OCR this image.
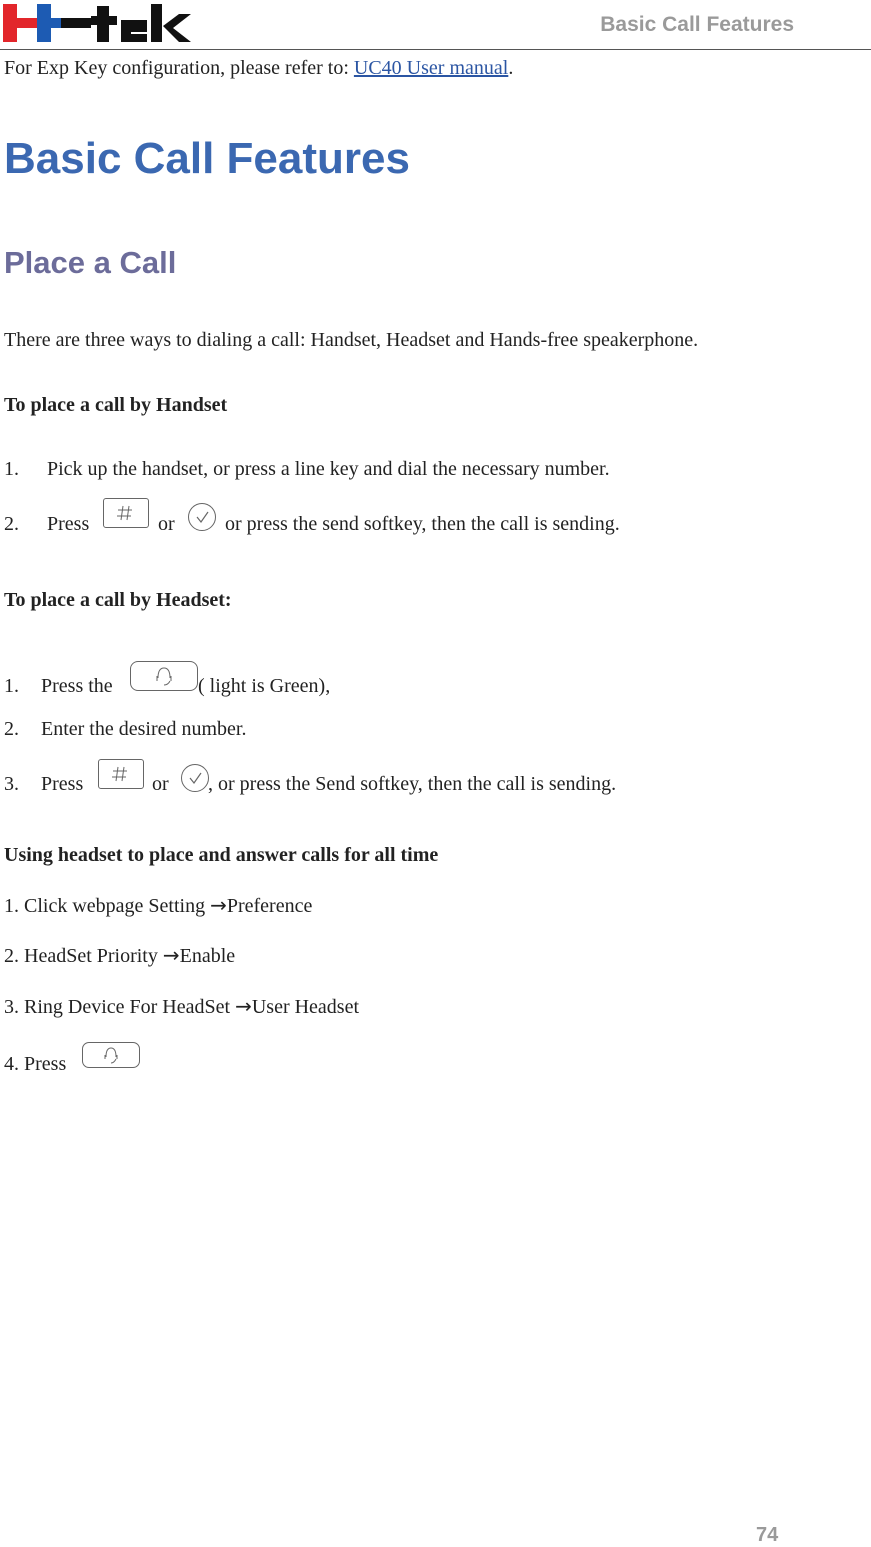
Basic Call Features
For Exp Key configuration, please refer to: UC40 User manual.
Basic Call Features
Place a Call
There are three ways to dialing a call: Handset, Headset and Hands-free speakerphone.
To place a call by Handset
1. Pick up the handset, or press a line key and dial the necessary number.
2. Press	or	or press the send softkey, then the call is sending.
To place a call by Headset:
1. Press the	( light is Green),
2. Enter the desired number.
3. Press	or , or press the Send softkey, then the call is sending.
Using headset to place and answer calls for all time
1. Click webpage Setting →Preference
2. HeadSet Priority →Enable
3. Ring Device For HeadSet →User Headset
4. Press
74
